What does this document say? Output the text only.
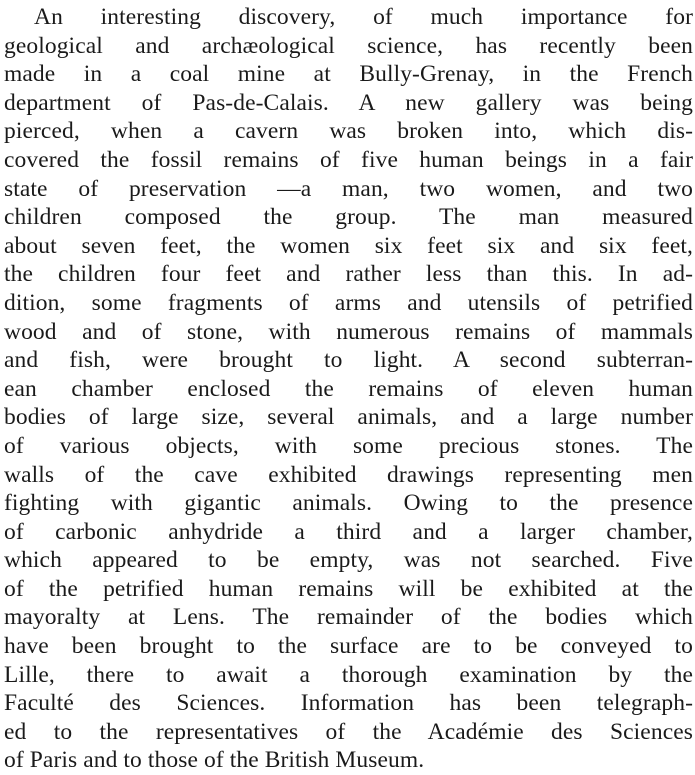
An interesting discovery, of much importance for
geological and archæological science, has recently been
made in a coal mine at Bully-Grenay, in the French
department of Pas-de-Calais. A new gallery was being
pierced, when a cavern was broken into, which dis-
covered the fossil remains of five human beings in a fair
state of preservation —a man, two women, and two
children composed the group. The man measured
about seven feet, the women six feet six and six feet,
the children four feet and rather less than this. In ad-
dition, some fragments of arms and utensils of petrified
wood and of stone, with numerous remains of mammals
and fish, were brought to light. A second subterran-
ean chamber enclosed the remains of eleven human
bodies of large size, several animals, and a large number
of various objects, with some precious stones. The
walls of the cave exhibited drawings representing men
fighting with gigantic animals. Owing to the presence
of carbonic anhydride a third and a larger chamber,
which appeared to be empty, was not searched. Five
of the petrified human remains will be exhibited at the
mayoralty at Lens. The remainder of the bodies which
have been brought to the surface are to be conveyed to
Lille, there to await a thorough examination by the
Faculté des Sciences. Information has been telegraph-
ed to the representatives of the Académie des Sciences
of Paris and to those of the British Museum.
